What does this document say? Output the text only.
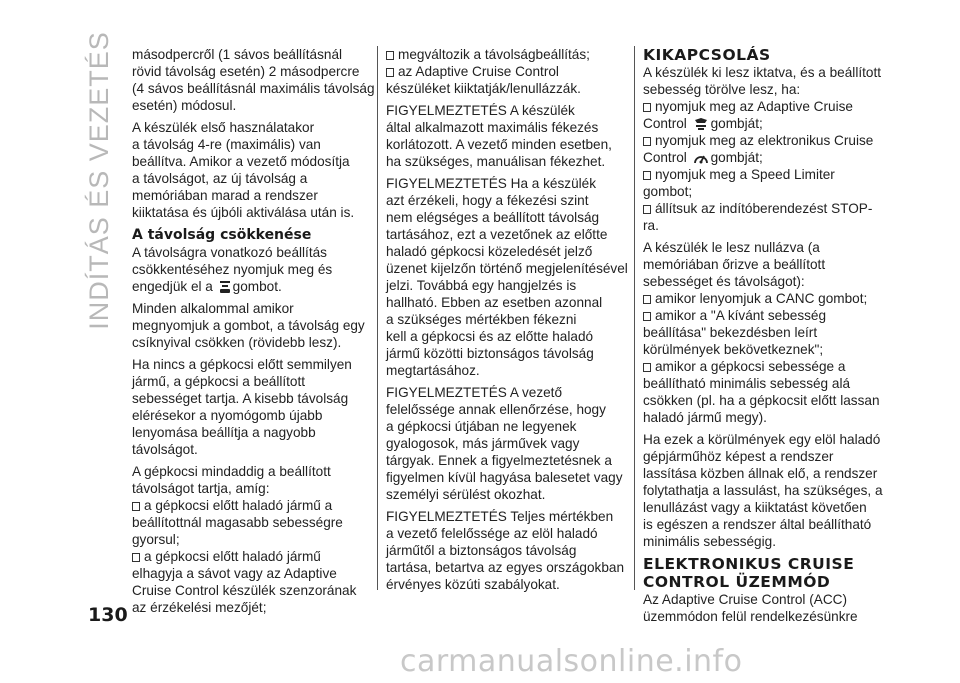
INDÍTÁS ÉS VEZETÉS másodpercről (1 sávos beállításnál
rövid távolság esetén) 2 másodpercre
(4 sávos beállításnál maximális távolság
esetén) módosul.
A készülék első használatakor
a távolság 4-re (maximális) van
beállítva. Amikor a vezető módosítja
a távolságot, az új távolság a
memóriában marad a rendszer
kiiktatása és újbóli aktiválása után is.
A távolság csökkenése
A távolságra vonatkozó beállítás
csökkentéséhez nyomjuk meg és
engedjük el a gombot.
Minden alkalommal amikor
megnyomjuk a gombot, a távolság egy
csíknyival csökken (rövidebb lesz).
Ha nincs a gépkocsi előtt semmilyen
jármű, a gépkocsi a beállított
sebességet tartja. A kisebb távolság
elérésekor a nyomógomb újabb
lenyomása beállítja a nagyobb
távolságot.
A gépkocsi mindaddig a beállított
távolságot tartja, amíg:
a gépkocsi előtt haladó jármű a
beállítottnál magasabb sebességre
gyorsul;
a gépkocsi előtt haladó jármű
elhagyja a sávot vagy az Adaptive
Cruise Control készülék szenzorának
az érzékelési mezőjét;
megváltozik a távolságbeállítás;
az Adaptive Cruise Control
készüléket kiiktatják/lenullázzák.
FIGYELMEZTETÉS A készülék
által alkalmazott maximális fékezés
korlátozott. A vezető minden esetben,
ha szükséges, manuálisan fékezhet.
FIGYELMEZTETÉS Ha a készülék
azt érzékeli, hogy a fékezési szint
nem elégséges a beállított távolság
tartásához, ezt a vezetőnek az előtte
haladó gépkocsi közeledését jelző
üzenet kijelzőn történő megjelenítésével
jelzi. Továbbá egy hangjelzés is
hallható. Ebben az esetben azonnal
a szükséges mértékben fékezni
kell a gépkocsi és az előtte haladó
jármű közötti biztonságos távolság
megtartásához.
FIGYELMEZTETÉS A vezető
felelőssége annak ellenőrzése, hogy
a gépkocsi útjában ne legyenek
gyalogosok, más járművek vagy
tárgyak. Ennek a figyelmeztetésnek a
figyelmen kívül hagyása balesetet vagy
személyi sérülést okozhat.
FIGYELMEZTETÉS Teljes mértékben
a vezető felelőssége az elöl haladó
járműtől a biztonságos távolság
tartása, betartva az egyes országokban
érvényes közúti szabályokat.
KIKAPCSOLÁS
A készülék ki lesz iktatva, és a beállított
sebesség törölve lesz, ha:
nyomjuk meg az Adaptive Cruise
Control gombját;
nyomjuk meg az elektronikus Cruise
Control gombját;
nyomjuk meg a Speed Limiter
gombot;
állítsuk az indítóberendezést STOP-
ra.
A készülék le lesz nullázva (a
memóriában őrizve a beállított
sebességet és távolságot):
amikor lenyomjuk a CANC gombot;
amikor a "A kívánt sebesség
beállítása" bekezdésben leírt
körülmények bekövetkeznek";
amikor a gépkocsi sebessége a
beállítható minimális sebesség alá
csökken (pl. ha a gépkocsit előtt lassan
haladó jármű megy).
Ha ezek a körülmények egy elöl haladó
gépjárműhöz képest a rendszer
lassítása közben állnak elő, a rendszer
folytathatja a lassulást, ha szükséges, a
lenullázást vagy a kiiktatást követően
is egészen a rendszer által beállítható
minimális sebességig.
ELEKTRONIKUS CRUISE
CONTROL ÜZEMMÓD
Az Adaptive Cruise Control (ACC)
üzemmódon felül rendelkezésünkre
130
carmanualsonline.info
